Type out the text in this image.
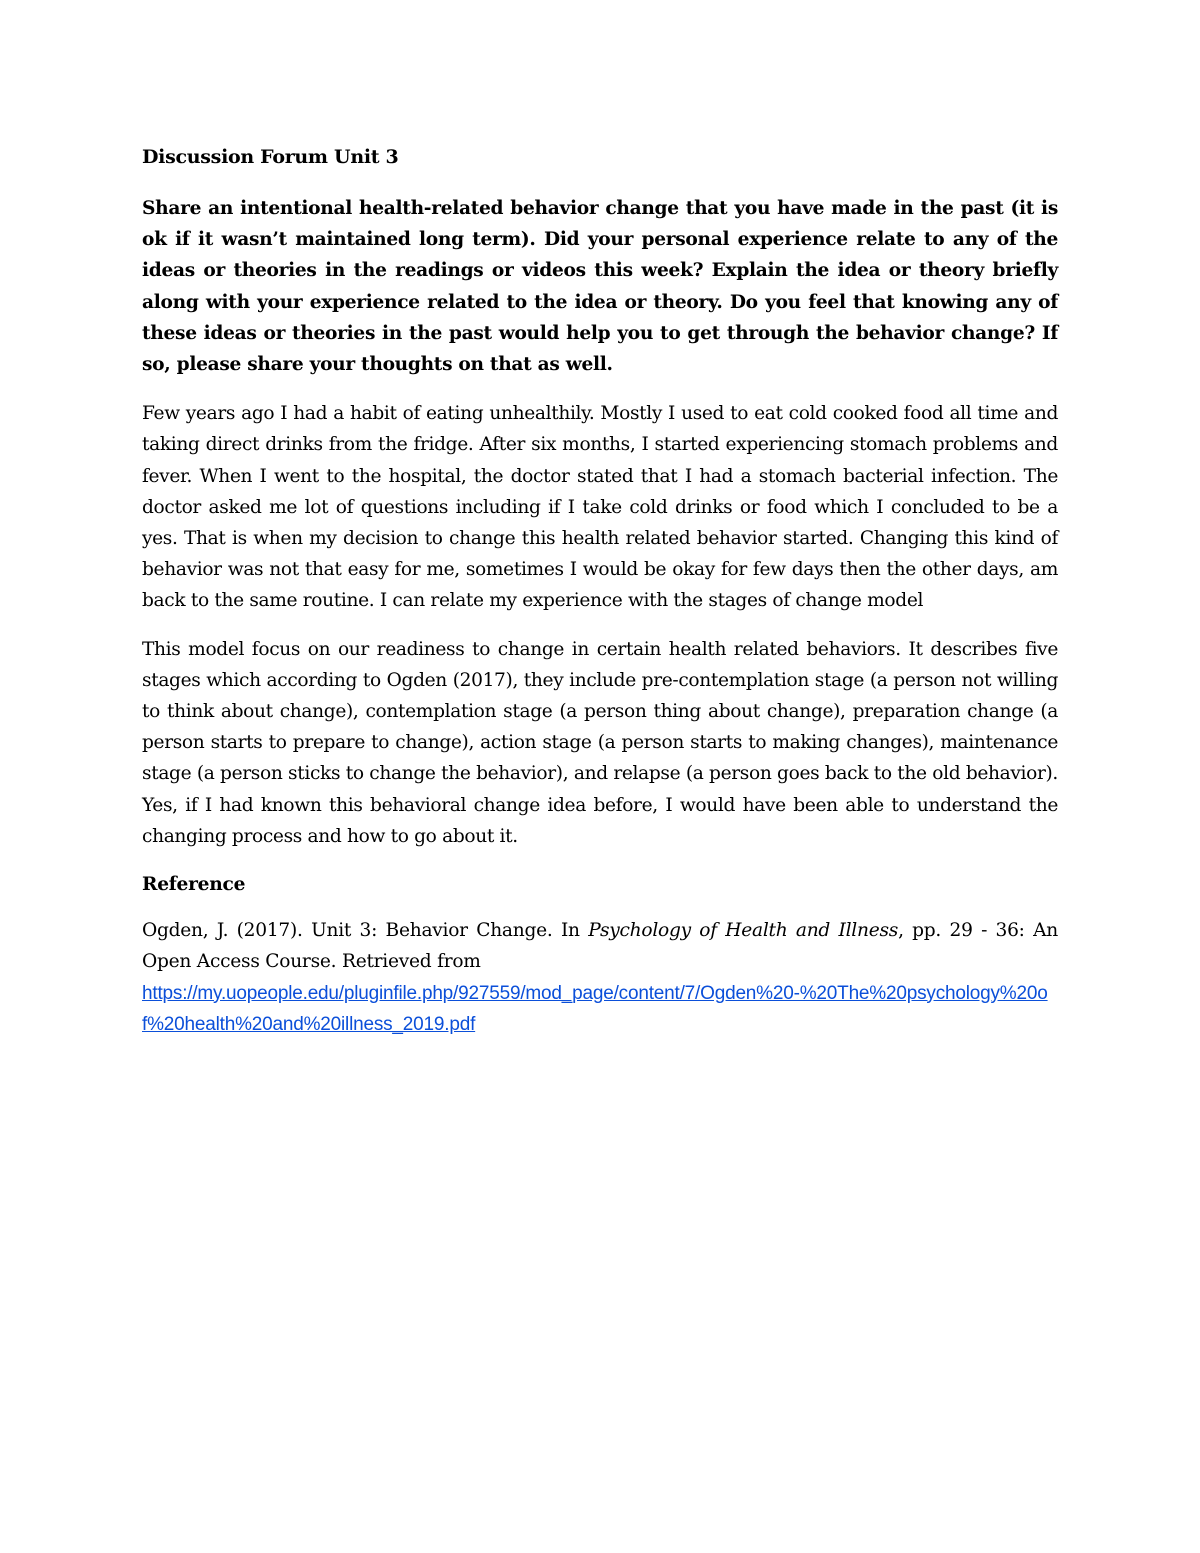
Discussion Forum Unit 3

Share an intentional health-related behavior change that you have made in the past (it is ok if it wasn’t maintained long term). Did your personal experience relate to any of the ideas or theories in the readings or videos this week? Explain the idea or theory briefly along with your experience related to the idea or theory. Do you feel that knowing any of these ideas or theories in the past would help you to get through the behavior change? If so, please share your thoughts on that as well.

Few years ago I had a habit of eating unhealthily. Mostly I used to eat cold cooked food all time and taking direct drinks from the fridge. After six months, I started experiencing stomach problems and fever. When I went to the hospital, the doctor stated that I had a stomach bacterial infection. The doctor asked me lot of questions including if I take cold drinks or food which I concluded to be a yes. That is when my decision to change this health related behavior started. Changing this kind of behavior was not that easy for me, sometimes I would be okay for few days then the other days, am back to the same routine. I can relate my experience with the stages of change model

This model focus on our readiness to change in certain health related behaviors. It describes five stages which according to Ogden (2017), they include pre-contemplation stage (a person not willing to think about change), contemplation stage (a person thing about change), preparation change (a person starts to prepare to change), action stage (a person starts to making changes), maintenance stage (a person sticks to change the behavior), and relapse (a person goes back to the old behavior). Yes, if I had known this behavioral change idea before, I would have been able to understand the changing process and how to go about it.

Reference

Ogden, J. (2017). Unit 3: Behavior Change. In Psychology of Health and Illness, pp. 29 - 36: An Open Access Course. Retrieved from
https://my.uopeople.edu/pluginfile.php/927559/mod_page/content/7/Ogden%20-%20The%20psychology%20of%20health%20and%20illness_2019.pdf
